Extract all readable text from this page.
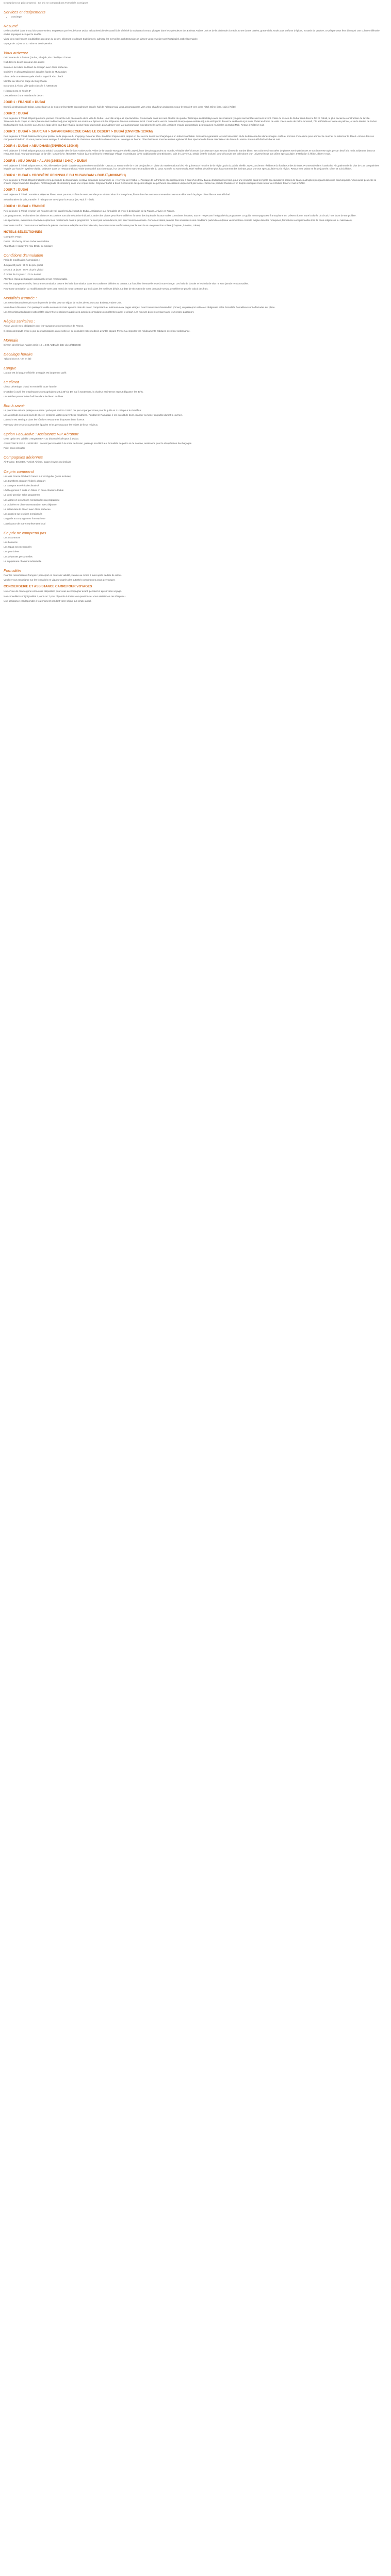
Descriptions Ce prix comprend : Ce prix ne comprend pas Formalités Consignes

Services et équipements
• Concierge
Résumé

De l'exclusivité dans le Sud du Moyen-Orient, en passant par l'exubérante Dubaï et l'authenticité de Masafi à la sérénité du Sultanat d'Oman, plongez dans les splendeurs des Émirats Arabes Unis et de la péninsule d'Arabie. Entre dunes dorées, gratte-ciels, souks aux parfums d'épices, et oasis de verdure, ce périple vous fera découvrir une culture millénaire et des paysages à couper le souffle.

Vivez des expériences inoubliables au cœur du désert, sillonnez les dhows traditionnels, admirez les merveilles architecturales et laissez-vous envoûter par l'hospitalité arabe légendaire.

Voyage de 11 jours / 10 nuits en demi-pension.

Vous arriverez

Découverte de 3 émirats (Dubaï, Sharjah, Abu Dhabi) et d'Oman

Nuit dans le désert au cœur des dunes

Safari en 4x4 dans le désert de Sharjah avec dîner barbecue

Croisière en dhow traditionnel dans les fjords de Musandam

Visite de la Grande Mosquée Sheikh Zayed à Abu Dhabi

Montée au 124ème étage du Burj Khalifa

Excursion à Al Ain, ville-jardin classée à l'UNESCO

Hébergement en hôtels 4*

L'expérience d'une nuit dans le désert

JOUR 1 : FRANCE > DUBAÏ

Envol à destination de Dubaï. Accueil par un de nos représentants francophones dans le hall de l'aéroport qui vous accompagnera vers votre chauffeur anglophone pour le transfert vers votre hôtel. Dîner libre. Nuit à l'hôtel.

JOUR 2 : DUBAÏ

Petit déjeuner à l'hôtel. Départ pour une journée consacrée à la découverte de la ville de Dubaï. Une ville unique et spectaculaire. Promenade dans les rues étroites du quartier historique de Bastakiya avec ses maisons typiques surmontées de tours à vent. Visite du musée de Dubaï situé dans le fort Al Fahidi, la plus ancienne construction de la ville. Traversée de la crique en abra (bateau-taxi traditionnel) pour rejoindre les souks aux épices et à l'or. Déjeuner dans un restaurant local. Continuation vers la Jumeirah Mosque (vue extérieure) puis arrêt photo devant le célèbre Burj Al Arab, l'hôtel en forme de voile. Découverte de Palm Jumeirah, l'île artificielle en forme de palmier, et de la Marina de Dubaï. En fin d'après-midi, montée au 124ème étage de la tour Burj Khalifa, la plus haute du monde, pour admirer une vue panoramique exceptionnelle sur la ville. Assistez ensuite au spectacle des fontaines musicales du Dubai Mall. Retour à l'hôtel et nuit.

JOUR 3 : DUBAÏ > SHARJAH > SAFARI BARBECUE DANS LE DESERT > DUBAÏ (ENVIRON 120KM)

Petit déjeuner à l'hôtel. Matinée libre pour profiter de la plage ou du shopping. Déjeuner libre. En début d'après-midi, départ en 4x4 vers le désert de Sharjah pour un safari inoubliable. Sensations garanties lors de l'ascension et de la descente des dunes rouges. Arrêt au sommet d'une dune pour admirer le coucher du soleil sur le désert. Arrivée dans un campement bédouin où vous pourrez vous essayer à la balade à dos de chameau, au sandboard ou encore au tatouage au henné. Dîner barbecue sous les étoiles agrémenté d'un spectacle de danse orientale et de danse du ventre. Retour à l'hôtel à Dubaï et nuit.

JOUR 4 : DUBAÏ > ABU DHABI (ENVIRON 150KM)

Petit déjeuner à l'hôtel. Départ pour Abu Dhabi, la capitale des Émirats Arabes Unis. Visite de la Grande Mosquée Sheikh Zayed, l'une des plus grandes au monde, véritable chef-d'œuvre d'architecture avec ses 82 dômes de marbre blanc, ses colonnes incrustées de pierres semi-précieuses et son immense tapis persan tissé à la main. Déjeuner dans un restaurant local. Tour panoramique de la ville : la Corniche, l'Emirates Palace (vue extérieure), le Heritage Village reconstituant la vie traditionnelle des Bédouins, puis le Louvre Abu Dhabi (entrée incluse) pour découvrir ses collections d'art universel sous son dôme spectaculaire. Installation à l'hôtel, dîner et nuit.

JOUR 5 : ABU DHABI > AL AIN (160KM / 1H40) > DUBAÏ

Petit déjeuner à l'hôtel. Départ vers Al Ain, ville-oasis et jardin classée au patrimoine mondial de l'UNESCO, surnommée la « cité des jardins ». Visite du musée national d'Al Ain qui retrace l'histoire de la région, puis du palais Sheikh Zayed, ancienne résidence du fondateur des Émirats. Promenade dans l'oasis d'Al Ain, palmeraie de plus de 147 000 palmiers irrigués par l'ancien système d'aflaj. Déjeuner dans un restaurant local. Visite du marché aux chameaux, l'un des derniers marchés traditionnels du pays. Montée au sommet du Jebel Hafeet, deuxième plus haut sommet des Émirats, pour une vue spectaculaire sur la région. Retour vers Dubaï en fin de journée. Dîner et nuit à l'hôtel.

JOUR 6 : DUBAÏ > CROISIÈRE PENINSULE DU MUSANDAM > DUBAÏ (400KM/5H)

Petit déjeuner à l'hôtel. Départ matinal vers la péninsule du Musandam, enclave omanaise surnommée la « Norvège de l'Arabie ». Passage de la frontière et embarquement à bord d'un dhow, bateau traditionnel en bois, pour une croisière dans les fjords spectaculaires bordés de falaises abruptes plongeant dans une eau turquoise. Vous aurez peut-être la chance d'apercevoir des dauphins. Arrêt baignade et snorkeling dans une crique isolée. Déjeuner buffet à bord. Découverte des petits villages de pêcheurs accessibles uniquement par la mer. Retour au port de Khasab en fin d'après-midi puis route retour vers Dubaï. Dîner et nuit à l'hôtel.

JOUR 7 : DUBAÏ

Petit déjeuner à l'hôtel. Journée et déjeuner libres. Vous pourrez profiter de cette journée pour visiter Dubaï à votre rythme, flâner dans les centres commerciaux ou vous détendre à la plage. Dîner libre et nuit à l'hôtel.

Selon horaires de vols, transfert à l'aéroport et envol pour la France (SO Nuit à l'hôtel).

JOUR 8 : DUBAÏ > FRANCE

Petit déjeuner à l'hôtel et selon vos horaires de vol, transfert à l'aéroport de Dubaï. Assistance aux formalités et envol à destination de la France. Arrivée en France.

Les programmes, les horaires des visites et excursions sont donnés à titre indicatif. L'ordre des visites peut être modifié en fonction des impératifs locaux et des contraintes horaires, tout en respectant l'intégralité du programme. Le guide accompagnateur francophone est présent durant toute la durée du circuit, hors jours de temps libre.

Les spectacles, excursions et activités optionnels mentionnés dans le programme ne sont pas inclus dans le prix, sauf mention contraire. Certaines visites peuvent être soumises à des conditions particulières (tenue vestimentaire correcte exigée dans les mosquées, fermetures exceptionnelles lors de fêtes religieuses ou nationales).

Pour votre confort, nous vous conseillons de prévoir une tenue adaptée aux lieux de culte, des chaussures confortables pour la marche et une protection solaire (chapeau, lunettes, crème).

HÔTELS SÉLECTIONNÉS

Catégorie 4*sup :

Dubaï : Al Khoory Atrium Dubaï ou similaire

Abu Dhabi : Holiday Inn Abu Dhabi ou similaire

Conditions d'annulation

Frais de modification / annulation :

Jusqu'à 30 jours : 50 % du prix global

De 30 à 15 jours : 65 % du prix global

À moins de 15 jours : 100 % du tarif

Attention, l'ajout de bagages optionnel est non remboursable.

Pour les voyages réservés, l'assurance annulation couvre les frais d'annulation dans les conditions définies au contrat. La franchise éventuelle reste à votre charge. Les frais de dossier et les frais de visa ne sont jamais remboursables.

Pour toute annulation ou modification de votre part, merci de nous contacter par écrit dans les meilleurs délais. La date de réception de votre demande servira de référence pour le calcul des frais.

Modalités d'entrée :

Les ressortissants français sont dispensés de visa pour un séjour de moins de 90 jours aux Émirats Arabes Unis.

Vous devez être muni d'un passeport valide au moins 6 mois après la date de retour, comportant au minimum deux pages vierges. Pour l'excursion à Musandam (Oman), un passeport valide est obligatoire et les formalités frontalières sont effectuées sur place.

Les ressortissants d'autres nationalités doivent se renseigner auprès des autorités consulaires compétentes avant le départ. Les mineurs doivent voyager avec leur propre passeport.

Règles sanitaires :

Aucun vaccin n'est obligatoire pour les voyageurs en provenance de France.

Il est recommandé d'être à jour des vaccinations universelles et de consulter votre médecin avant le départ. Pensez à emporter vos médicaments habituels avec leur ordonnance.

Monnaie

Dirham des Émirats Arabes Unis (1€ = 4,00 AED à la date du 16/01/2025)

Décalage horaire

+3h en hiver et +2h en été

Langue

L'arabe est la langue officielle. L'anglais est largement parlé.

Le climat

Climat désertique chaud et ensoleillé toute l'année.

D'octobre à avril, les températures sont agréables (20 à 30°C). De mai à septembre, la chaleur est intense et peut dépasser les 40°C.

Les soirées peuvent être fraîches dans le désert en hiver.

Bon à savoir

Le pourboire est une pratique courante : prévoyez environ 3 USD par jour et par personne pour le guide et 2 USD pour le chauffeur.

Les vendredis sont des jours de prière : certaines visites peuvent être modifiées. Pendant le Ramadan, il est interdit de boire, manger ou fumer en public durant la journée.

L'alcool n'est servi que dans les hôtels et restaurants disposant d'une licence.

Prévoyez des tenues couvrant les épaules et les genoux pour les visites de lieux religieux.

Option Facultative : Assistance VIP Aéroport

Cette option est valable UNIQUEMENT au départ de l'aéroport à Dubaï.

ASSISTANCE VIP À L'ARRIVÉE : accueil personnalisé à la sortie de l'avion, passage accéléré aux formalités de police et de douane, assistance pour la récupération des bagages.

Prix : nous consulter

Compagnies aériennes

Air France, Emirates, Turkish Airlines, Qatar Airways ou similaire

Ce prix comprend

Les vols France / Dubaï / France sur vol régulier (taxes incluses)

Les transferts aéroport / hôtel / aéroport

Le transport en véhicule climatisé

L'hébergement 7 nuits en hôtels 4* base chambre double

La demi-pension selon programme

Les visites et excursions mentionnées au programme

La croisière en dhow au Musandam avec déjeuner

Le safari dans le désert avec dîner barbecue

Les entrées sur les sites mentionnés

Un guide accompagnateur francophone

L'assistance de notre représentant local

Ce prix ne comprend pas

Les assurances

Les boissons

Les repas non mentionnés

Les pourboires

Les dépenses personnelles

Le supplément chambre individuelle

Formalités

Pour les ressortissants français : passeport en cours de validité, valable au moins 6 mois après la date de retour.

Veuillez vous renseigner sur les formalités en vigueur auprès des autorités compétentes avant de voyager.

CONCIERGERIE ET ASSISTANCE CARREFOUR VOYAGES

Un service de conciergerie est à votre disposition pour vous accompagner avant, pendant et après votre voyage.

Nos conseillers sont joignables 7 jours sur 7 pour répondre à toutes vos questions et vous assister en cas d'imprévu.

Une assistance est disponible à tout moment pendant votre séjour sur simple appel.
